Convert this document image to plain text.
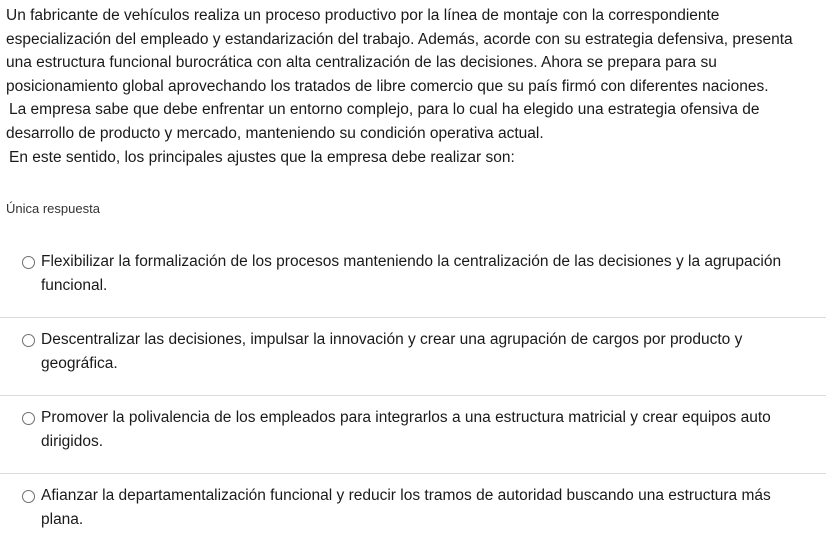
Un fabricante de vehículos realiza un proceso productivo por la línea de montaje con la correspondiente

especialización del empleado y estandarización del trabajo. Además, acorde con su estrategia defensiva, presenta

una estructura funcional burocrática con alta centralización de las decisiones. Ahora se prepara para su

posicionamiento global aprovechando los tratados de libre comercio que su país firmó con diferentes naciones.

La empresa sabe que debe enfrentar un entorno complejo, para lo cual ha elegido una estrategia ofensiva de

desarrollo de producto y mercado, manteniendo su condición operativa actual.

En este sentido, los principales ajustes que la empresa debe realizar son:

Única respuesta
Flexibilizar la formalización de los procesos manteniendo la centralización de las decisiones y la agrupación
funcional.
Descentralizar las decisiones, impulsar la innovación y crear una agrupación de cargos por producto y
geográfica.
Promover la polivalencia de los empleados para integrarlos a una estructura matricial y crear equipos auto
dirigidos.
Afianzar la departamentalización funcional y reducir los tramos de autoridad buscando una estructura más
plana.
